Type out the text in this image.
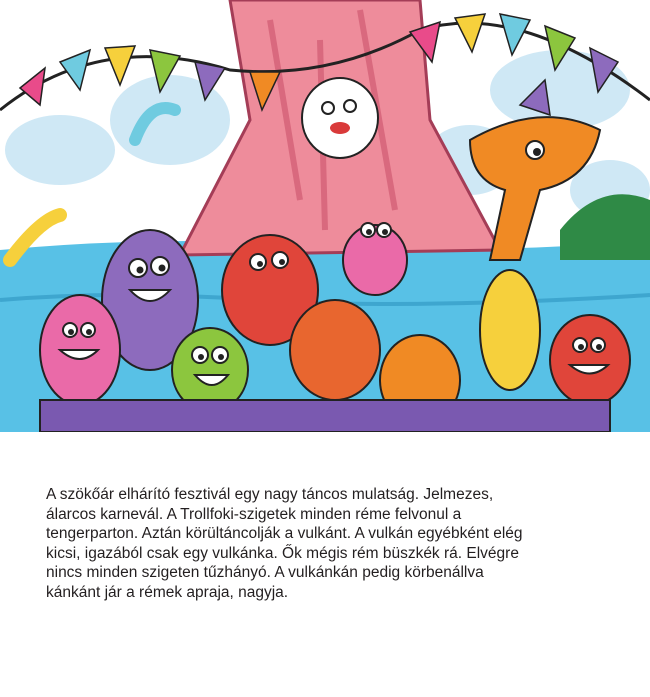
A szökőár elhárító fesztivál egy nagy táncos mulatság. Jelmezes,
álarcos karnevál. A Trollfoki-szigetek minden réme felvonul a
tengerparton. Aztán körültáncolják a vulkánt. A vulkán egyébként elég
kicsi, igazából csak egy vulkánka. Ők mégis rém büszkék rá. Elvégre
nincs minden szigeten tűzhányó. A vulkánkán pedig körbenállva
kánkánt jár a rémek apraja, nagyja.
